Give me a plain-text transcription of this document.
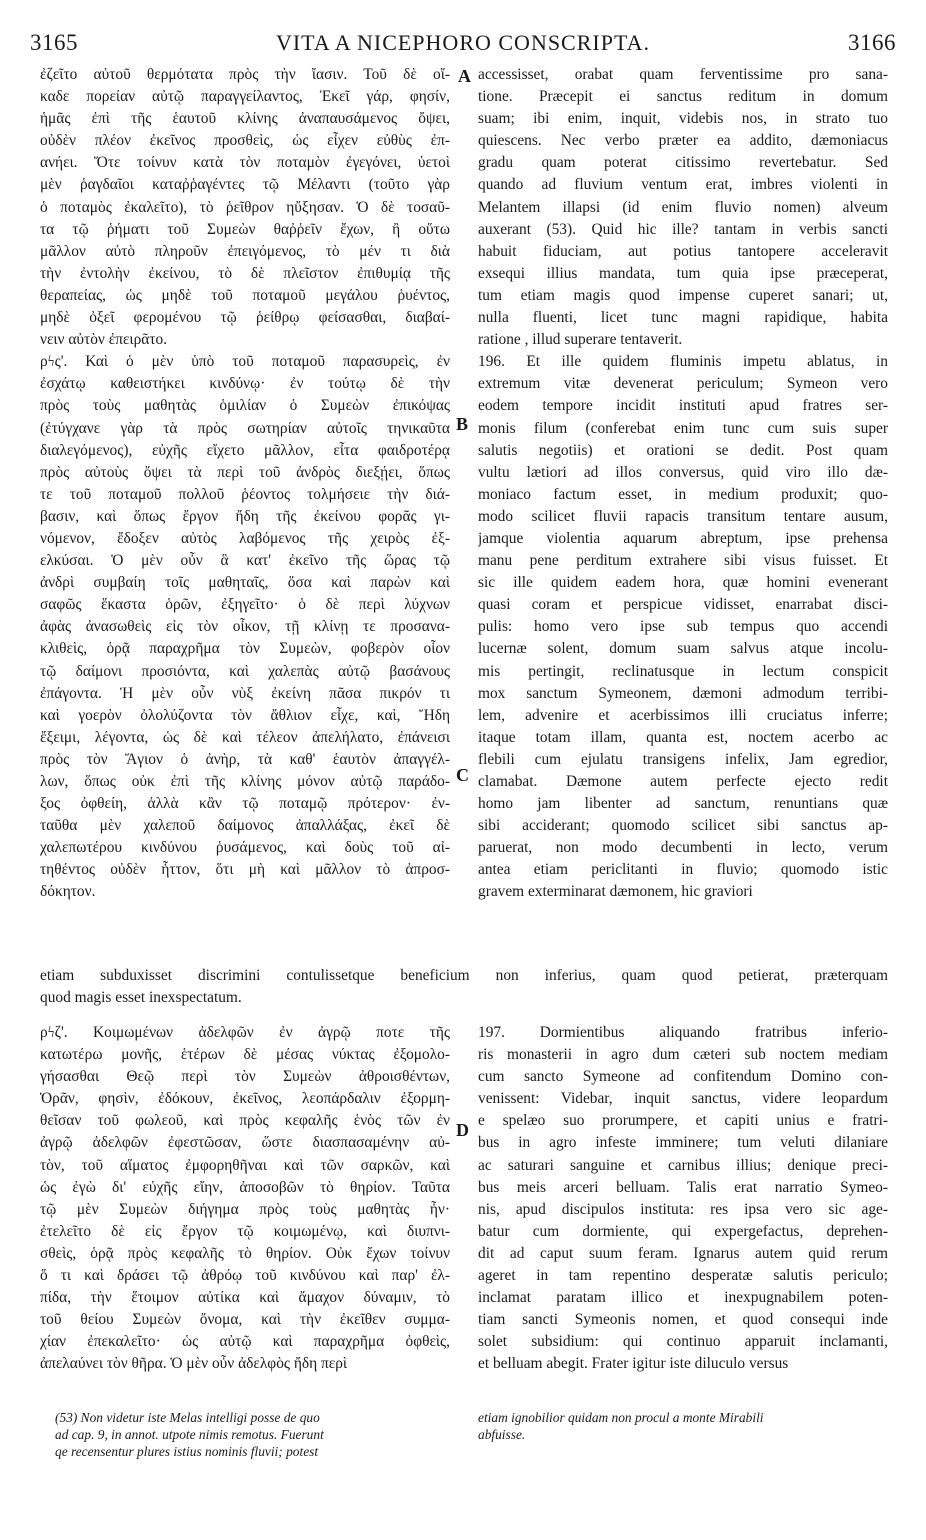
3165	VITA A NICEPHORO CONSCRIPTA.	3166
ἐζεῖτο αὐτοῦ θερμότατα πρὸς τὴν ἴασιν. Τοῦ δὲ οἴ-
καδε πορείαν αὐτῷ παραγγείλαντος, Ἐκεῖ γάρ, φησίν,
ἡμᾶς ἐπὶ τῆς ἑαυτοῦ κλίνης ἀναπαυσάμενος ὄψει,
οὐδὲν πλέον ἐκεῖνος προσθεὶς, ὡς εἶχεν εὐθὺς ἐπ-
ανήει. Ὅτε τοίνυν κατὰ τὸν ποταμὸν ἐγεγόνει, ὑετοὶ
μὲν ῥαγδαῖοι καταῤῥαγέντες τῷ Μέλαντι (τοῦτο γὰρ
ὁ ποταμὸς ἐκαλεῖτο), τὸ ῥεῖθρον ηὔξησαν. Ὁ δὲ τοσαῦ-
τα τῷ ῥήματι τοῦ Συμεὼν θαῤῥεῖν ἔχων, ἢ οὕτω
μᾶλλον αὐτὸ πληροῦν ἐπειγόμενος, τὸ μέν τι διὰ
τὴν ἐντολὴν ἐκείνου, τὸ δὲ πλεῖστον ἐπιθυμίᾳ τῆς
θεραπείας, ὡς μηδὲ τοῦ ποταμοῦ μεγάλου ῥυέντος,
μηδὲ ὀξεῖ φερομένου τῷ ῥείθρῳ φείσασθαι, διαβαί-
νειν αὐτὸν ἐπειρᾶτο.
ρϟς'. Καὶ ὁ μὲν ὑπὸ τοῦ ποταμοῦ παρασυρεὶς, ἐν
ἐσχάτῳ καθειστήκει κινδύνῳ· ἐν τούτῳ δὲ τὴν
πρὸς τοὺς μαθητὰς ὁμιλίαν ὁ Συμεὼν ἐπικόψας
(ἐτύγχανε γὰρ τὰ πρὸς σωτηρίαν αὐτοῖς τηνικαῦτα
διαλεγόμενος), εὐχῆς εἴχετο μᾶλλον, εἶτα φαιδροτέρᾳ
πρὸς αὐτοὺς ὄψει τὰ περὶ τοῦ ἀνδρὸς διεξῄει, ὅπως
τε τοῦ ποταμοῦ πολλοῦ ῥέοντος τολμήσειε τὴν διά-
βασιν, καὶ ὅπως ἔργον ἤδη τῆς ἐκείνου φορᾶς γι-
νόμενον, ἔδοξεν αὐτὸς λαβόμενος τῆς χειρὸς ἐξ-
ελκύσαι. Ὁ μὲν οὖν ἃ κατ' ἐκεῖνο τῆς ὥρας τῷ
ἀνδρὶ συμβαίη τοῖς μαθηταῖς, ὅσα καὶ παρὼν καὶ
σαφῶς ἕκαστα ὁρῶν, ἐξηγεῖτο· ὁ δὲ περὶ λύχνων
ἀφὰς ἀνασωθεὶς εἰς τὸν οἶκον, τῇ κλίνῃ τε προσανα-
κλιθεὶς, ὁρᾷ παραχρῆμα τὸν Συμεὼν, φοβερὸν οἷον
τῷ δαίμονι προσιόντα, καὶ χαλεπὰς αὐτῷ βασάνους
ἐπάγοντα. Ἡ μὲν οὖν νὺξ ἐκείνη πᾶσα πικρόν τι
καὶ γοερὸν ὀλολύζοντα τὸν ἄθλιον εἶχε, καὶ, Ἤδη
ἔξειμι, λέγοντα, ὡς δὲ καὶ τέλεον ἀπελήλατο, ἐπάνεισι
πρὸς τὸν Ἅγιον ὁ ἀνὴρ, τὰ καθ' ἑαυτὸν ἀπαγγέλ-
λων, ὅπως οὐκ ἐπὶ τῆς κλίνης μόνον αὐτῷ παράδο-
ξος ὀφθείη, ἀλλὰ κἂν τῷ ποταμῷ πρότερον· ἐν-
ταῦθα μὲν χαλεποῦ δαίμονος ἀπαλλάξας, ἐκεῖ δὲ
χαλεπωτέρου κινδύνου ῥυσάμενος, καὶ δοὺς τοῦ αἰ-
τηθέντος οὐδὲν ἧττον, ὅτι μὴ καὶ μᾶλλον τὸ ἀπροσ-
δόκητον.
accessisset, orabat quam ferventissime pro sana-
tione. Præcepit ei sanctus reditum in domum
suam; ibi enim, inquit, videbis nos, in strato tuo
quiescens. Nec verbo præter ea addito, dæmoniacus
gradu quam poterat citissimo revertebatur. Sed
quando ad fluvium ventum erat, imbres violenti in
Melantem illapsi (id enim fluvio nomen) alveum
auxerant (53). Quid hic ille? tantam in verbis sancti
habuit fiduciam, aut potius tantopere acceleravit
exsequi illius mandata, tum quia ipse præceperat,
tum etiam magis quod impense cuperet sanari; ut,
nulla fluenti, licet tunc magni rapidique, habita
ratione , illud superare tentaverit.
196. Et ille quidem fluminis impetu ablatus, in
extremum vitæ devenerat periculum; Symeon vero
eodem tempore incidit instituti apud fratres ser-
monis filum (conferebat enim tunc cum suis super
salutis negotiis) et orationi se dedit. Post quam
vultu lætiori ad illos conversus, quid viro illo dæ-
moniaco factum esset, in medium produxit; quo-
modo scilicet fluvii rapacis transitum tentare ausum,
jamque violentia aquarum abreptum, ipse prehensa
manu pene perditum extrahere sibi visus fuisset. Et
sic ille quidem eadem hora, quæ homini evenerant
quasi coram et perspicue vidisset, enarrabat disci-
pulis: homo vero ipse sub tempus quo accendi
lucernæ solent, domum suam salvus atque incolu-
mis pertingit, reclinatusque in lectum conspicit
mox sanctum Symeonem, dæmoni admodum terribi-
lem, advenire et acerbissimos illi cruciatus inferre;
itaque totam illam, quanta est, noctem acerbo ac
flebili cum ejulatu transigens infelix, Jam egredior,
clamabat. Dæmone autem perfecte ejecto redit
homo jam libenter ad sanctum, renuntians quæ
sibi acciderant; quomodo scilicet sibi sanctus ap-
paruerat, non modo decumbenti in lecto, verum
antea etiam periclitanti in fluvio; quomodo istic
gravem exterminarat dæmonem, hic graviori
A
B
C
D
etiam subduxisset discrimini contulissetque beneficium non inferius, quam quod petierat, præterquam
quod magis esset inexspectatum.
ρϟζ'. Κοιμωμένων ἀδελφῶν ἐν ἀγρῷ ποτε τῆς
κατωτέρω μονῆς, ἑτέρων δὲ μέσας νύκτας ἐξομολο-
γήσασθαι Θεῷ περὶ τὸν Συμεὼν ἀθροισθέντων,
Ὁρᾶν, φησὶν, ἐδόκουν, ἐκεῖνος, λεοπάρδαλιν ἐξορμη-
θεῖσαν τοῦ φωλεοῦ, καὶ πρὸς κεφαλῆς ἑνὸς τῶν ἐν
ἀγρῷ ἀδελφῶν ἐφεστῶσαν, ὥστε διασπασαμένην αὐ-
τὸν, τοῦ αἵματος ἐμφορηθῆναι καὶ τῶν σαρκῶν, καὶ
ὡς ἐγὼ δι' εὐχῆς εἴην, ἀποσοβῶν τὸ θηρίον. Ταῦτα
τῷ μὲν Συμεὼν διήγημα πρὸς τοὺς μαθητὰς ἦν·
ἐτελεῖτο δὲ εἰς ἔργον τῷ κοιμωμένῳ, καὶ διυπνι-
σθεὶς, ὁρᾷ πρὸς κεφαλῆς τὸ θηρίον. Οὐκ ἔχων τοίνυν
ὅ τι καὶ δράσει τῷ ἀθρόῳ τοῦ κινδύνου καὶ παρ' ἐλ-
πίδα, τὴν ἕτοιμον αὐτίκα καὶ ἄμαχον δύναμιν, τὸ
τοῦ θείου Συμεὼν ὄνομα, καὶ τὴν ἐκεῖθεν συμμα-
χίαν ἐπεκαλεῖτο· ὡς αὐτῷ καὶ παραχρῆμα ὀφθεὶς,
ἀπελαύνει τὸν θῆρα. Ὁ μὲν οὖν ἀδελφὸς ἤδη περὶ
197. Dormientibus aliquando fratribus inferio-
ris monasterii in agro dum cæteri sub noctem mediam
cum sancto Symeone ad confitendum Domino con-
venissent: Videbar, inquit sanctus, videre leopardum
e spelæo suo prorumpere, et capiti unius e fratri-
bus in agro infeste imminere; tum veluti dilaniare
ac saturari sanguine et carnibus illius; denique preci-
bus meis arceri belluam. Talis erat narratio Symeo-
nis, apud discipulos instituta: res ipsa vero sic age-
batur cum dormiente, qui expergefactus, deprehen-
dit ad caput suum feram. Ignarus autem quid rerum
ageret in tam repentino desperatæ salutis periculo;
inclamat paratam illico et inexpugnabilem poten-
tiam sancti Symeonis nomen, et quod consequi inde
solet subsidium: qui continuo apparuit inclamanti,
et belluam abegit. Frater igitur iste diluculo versus
(53) Non videtur iste Melas intelligi posse de quo
ad cap. 9, in annot. utpote nimis remotus. Fuerunt
qe recensentur plures istius nominis fluvii; potest
etiam ignobilior quidam non procul a monte Mirabili
abfuisse.
